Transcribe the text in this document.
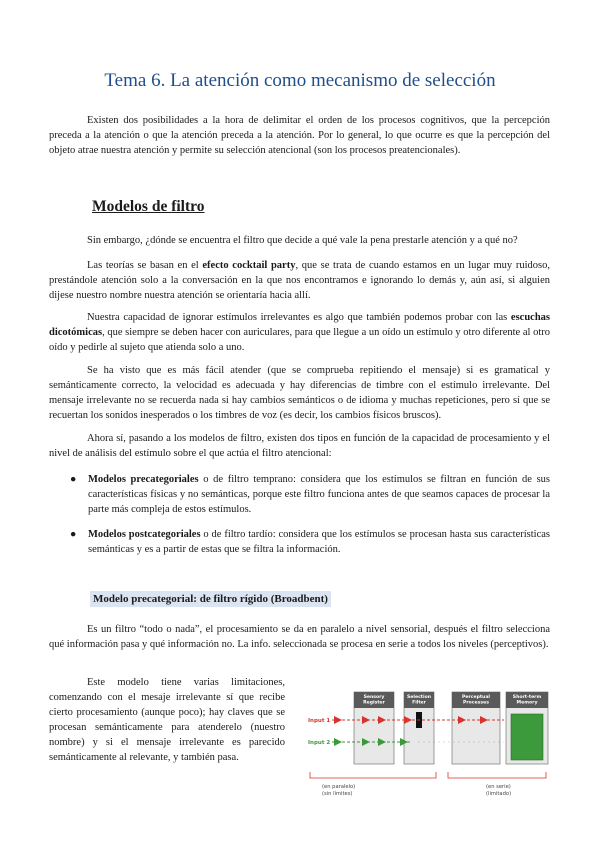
Tema 6. La atención como mecanismo de selección

Existen dos posibilidades a la hora de delimitar el orden de los procesos cognitivos, que la percepción preceda a la atención o que la atención preceda a la atención. Por lo general, lo que ocurre es que la percepción del objeto atrae nuestra atención y permite su selección atencional (son los procesos preatencionales).

Modelos de filtro

Sin embargo, ¿dónde se encuentra el filtro que decide a qué vale la pena prestarle atención y a qué no?

Las teorías se basan en el efecto cocktail party, que se trata de cuando estamos en un lugar muy ruidoso, prestándole atención solo a la conversación en la que nos encontramos e ignorando lo demás y, aún así, si alguien dijese nuestro nombre nuestra atención se orientaría hacia allí.

Nuestra capacidad de ignorar estímulos irrelevantes es algo que también podemos probar con las escuchas dicotómicas, que siempre se deben hacer con auriculares, para que llegue a un oído un estímulo y otro diferente al otro oído y pedirle al sujeto que atienda solo a uno.

Se ha visto que es más fácil atender (que se comprueba repitiendo el mensaje) si es gramatical y semánticamente correcto, la velocidad es adecuada y hay diferencias de timbre con el estímulo irrelevante. Del mensaje irrelevante no se recuerda nada si hay cambios semánticos o de idioma y muchas repeticiones, pero sí que se recuertan los sonidos inesperados o los timbres de voz (es decir, los cambios físicos bruscos).

Ahora sí, pasando a los modelos de filtro, existen dos tipos en función de la capacidad de procesamiento y el nivel de análisis del estímulo sobre el que actúa el filtro atencional:

● Modelos precategoriales o de filtro temprano: considera que los estímulos se filtran en función de sus características físicas y no semánticas, porque este filtro funciona antes de que seamos capaces de procesar la parte más compleja de estos estímulos.
● Modelos postcategoriales o de filtro tardío: considera que los estímulos se procesan hasta sus características semánticas y es a partir de estas que se filtra la información.
Modelo precategorial: de filtro rígido (Broadbent)

Es un filtro “todo o nada”, el procesamiento se da en paralelo a nivel sensorial, después el filtro selecciona qué información pasa y qué información no. La info. seleccionada se procesa en serie a todos los niveles (perceptivos).

Este modelo tiene varias limitaciones, comenzando con el mesaje irrelevante sí que recibe cierto procesamiento (aunque poco); hay claves que se procesan semánticamente para atenderelo (nuestro nombre) y si el mensaje irrelevante es parecido semánticamente al relevante, y también pasa.

Sensory Register
Selection Filter
Perceptual Processes
Short-term Memory
Input 1
Input 2
(en paralelo)
(sin límites)
(en serie)
(limitado)
